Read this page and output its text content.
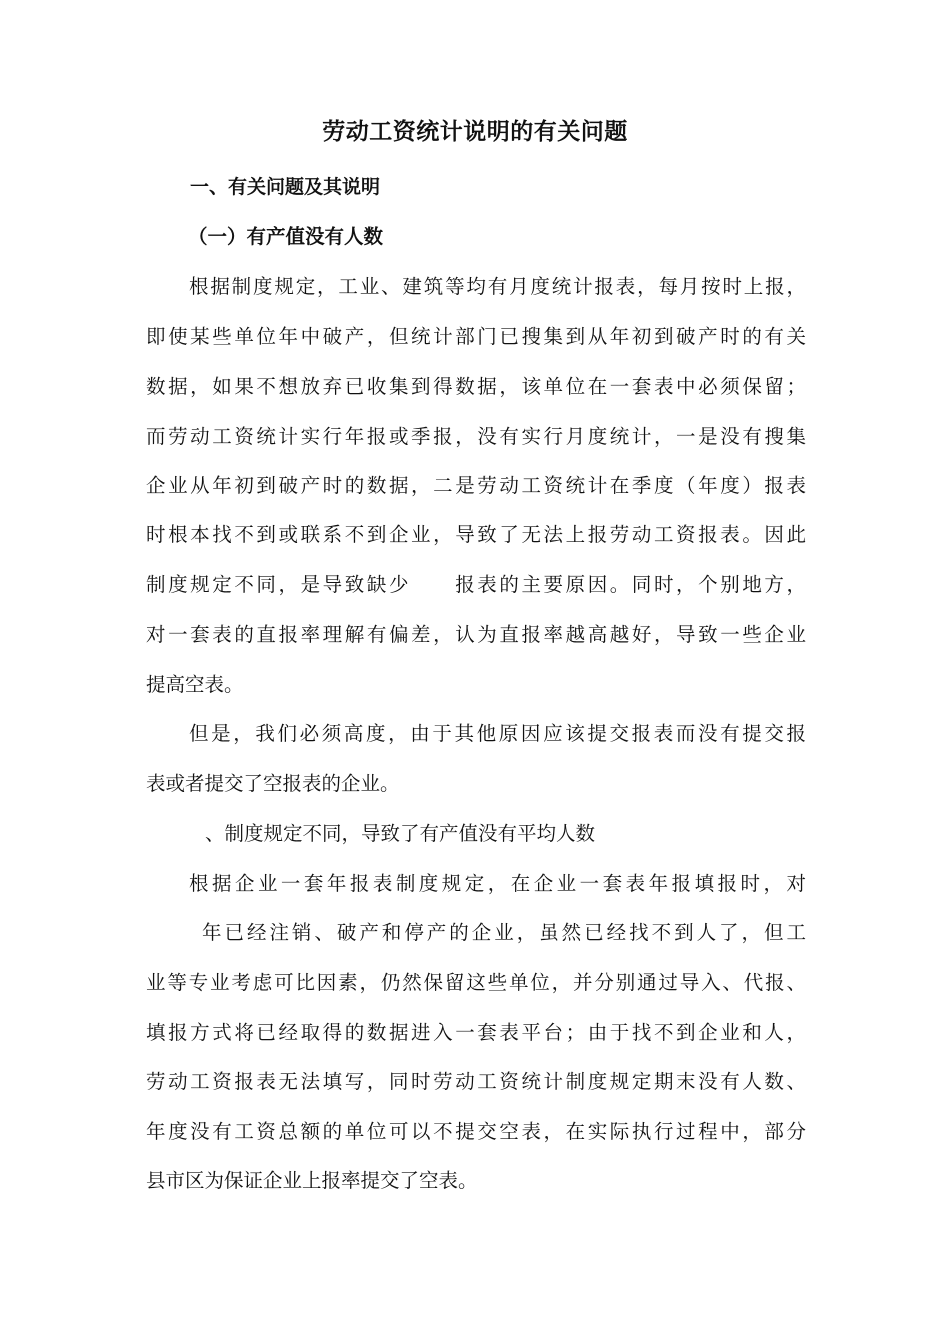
劳动工资统计说明的有关问题
一、有关问题及其说明
（一）有产值没有人数

根据制度规定，工业、建筑等均有月度统计报表，每月按时上报，

即使某些单位年中破产，但统计部门已搜集到从年初到破产时的有关

数据，如果不想放弃已收集到得数据，该单位在一套表中必须保留；

而劳动工资统计实行年报或季报，没有实行月度统计，一是没有搜集

企业从年初到破产时的数据，二是劳动工资统计在季度（年度）报表

时根本找不到或联系不到企业，导致了无法上报劳动工资报表。因此

制度规定不同，是导致缺少　　报表的主要原因。同时，个别地方，

对一套表的直报率理解有偏差，认为直报率越高越好，导致一些企业

提高空表。

但是，我们必须高度，由于其他原因应该提交报表而没有提交报

表或者提交了空报表的企业。

、制度规定不同，导致了有产值没有平均人数

根据企业一套年报表制度规定，在企业一套表年报填报时，对

年已经注销、破产和停产的企业，虽然已经找不到人了，但工

业等专业考虑可比因素，仍然保留这些单位，并分别通过导入、代报、

填报方式将已经取得的数据进入一套表平台；由于找不到企业和人，

劳动工资报表无法填写，同时劳动工资统计制度规定期末没有人数、

年度没有工资总额的单位可以不提交空表，在实际执行过程中，部分

县市区为保证企业上报率提交了空表。
